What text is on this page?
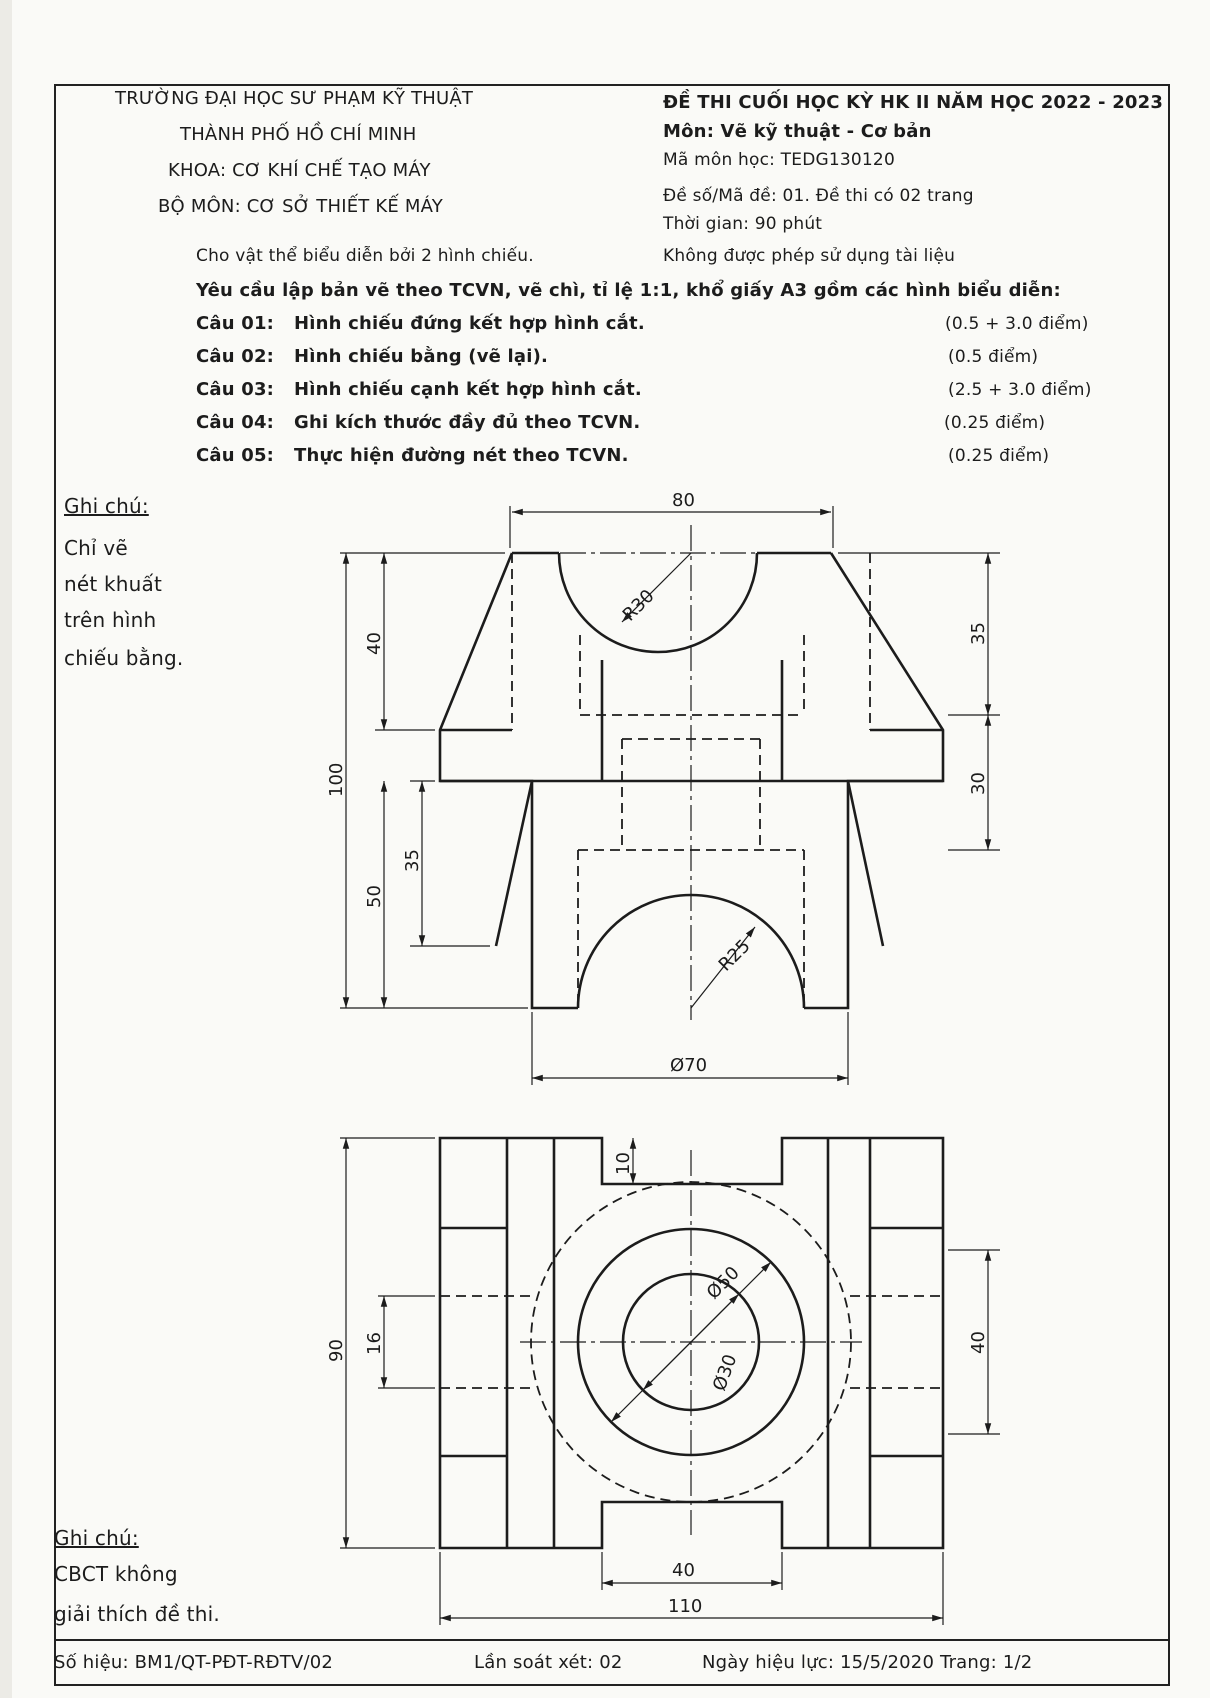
TRƯỜNG ĐẠI HỌC SƯ PHẠM KỸ THUẬT
THÀNH PHỐ HỒ CHÍ MINH
KHOA: CƠ KHÍ CHẾ TẠO MÁY
BỘ MÔN: CƠ SỞ THIẾT KẾ MÁY
ĐỀ THI CUỐI HỌC KỲ HK II NĂM HỌC 2022 - 2023
Môn: Vẽ kỹ thuật - Cơ bản
Mã môn học: TEDG130120
Đề số/Mã đề: 01. Đề thi có 02 trang
Thời gian: 90 phút
Cho vật thể biểu diễn bởi 2 hình chiếu.	Không được phép sử dụng tài liệu
Yêu cầu lập bản vẽ theo TCVN, vẽ chì, tỉ lệ 1:1, khổ giấy A3 gồm các hình biểu diễn:
Câu 01: Hình chiếu đứng kết hợp hình cắt.	(0.5 + 3.0 điểm)
Câu 02: Hình chiếu bằng (vẽ lại).	(0.5 điểm)
Câu 03: Hình chiếu cạnh kết hợp hình cắt.	(2.5 + 3.0 điểm)
Câu 04: Ghi kích thước đầy đủ theo TCVN.	(0.25 điểm)
Câu 05: Thực hiện đường nét theo TCVN.	(0.25 điểm)
Ghi chú:
Chỉ vẽ
nét khuất
trên hình
chiếu bằng.
Ghi chú:
CBCT không
giải thích đề thi.
80
R30
40	35
30
100
35
50
R25
Ø70
10
90 16
Ø50
Ø30
40
40
110
Số hiệu: BM1/QT-PĐT-RĐTV/02	Lần soát xét: 02	Ngày hiệu lực: 15/5/2020 Trang: 1/2
